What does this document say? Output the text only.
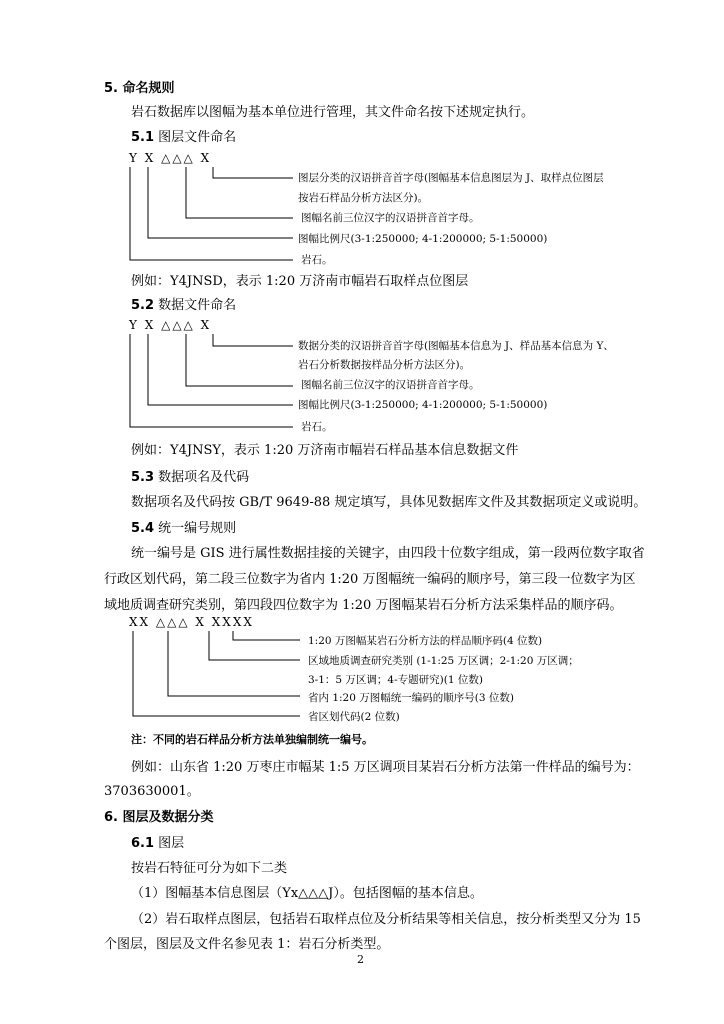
5. 命名规则
岩石数据库以图幅为基本单位进行管理，其文件命名按下述规定执行。
5.1 图层文件命名
Y X △△△ X
图层分类的汉语拼音首字母(图幅基本信息图层为 J、取样点位图层
按岩石样品分析方法区分)。
图幅名前三位汉字的汉语拼音首字母。
图幅比例尺(3-1:250000; 4-1:200000; 5-1:50000)
岩石。
例如：Y4JNSD，表示 1:20 万济南市幅岩石取样点位图层
5.2 数据文件命名
Y X △△△ X
数据分类的汉语拼音首字母(图幅基本信息为 J、样品基本信息为 Y、
岩石分析数据按样品分析方法区分)。
图幅名前三位汉字的汉语拼音首字母。
图幅比例尺(3-1:250000; 4-1:200000; 5-1:50000)
岩石。
例如：Y4JNSY，表示 1:20 万济南市幅岩石样品基本信息数据文件
5.3 数据项名及代码
数据项名及代码按 GB/T 9649-88 规定填写，具体见数据库文件及其数据项定义或说明。
5.4 统一编号规则
统一编号是 GIS 进行属性数据挂接的关键字，由四段十位数字组成，第一段两位数字取省
行政区划代码，第二段三位数字为省内 1:20 万图幅统一编码的顺序号，第三段一位数字为区
域地质调查研究类别，第四段四位数字为 1:20 万图幅某岩石分析方法采集样品的顺序码。
XX △△△ X XXXX
1:20 万图幅某岩石分析方法的样品顺序码(4 位数)
区域地质调查研究类别 (1-1:25 万区调；2-1:20 万区调；
3-1：5 万区调；4-专题研究)(1 位数)
省内 1:20 万图幅统一编码的顺序号(3 位数)
省区划代码(2 位数)
注：不同的岩石样品分析方法单独编制统一编号。
例如：山东省 1:20 万枣庄市幅某 1:5 万区调项目某岩石分析方法第一件样品的编号为：
3703630001。
6. 图层及数据分类
6.1 图层
按岩石特征可分为如下二类
（1）图幅基本信息图层（Yx△△△J）。包括图幅的基本信息。
（2）岩石取样点图层，包括岩石取样点位及分析结果等相关信息，按分析类型又分为 15
个图层，图层及文件名参见表 1：岩石分析类型。
2
